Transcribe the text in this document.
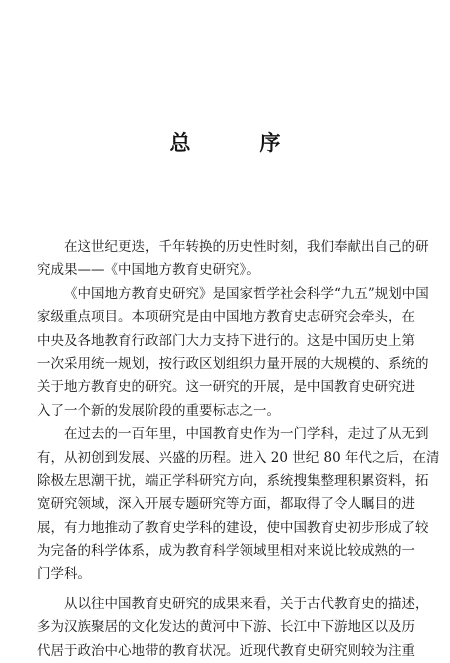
总　序
在这世纪更迭，千年转换的历史性时刻，我们奉献出自己的研
究成果——《中国地方教育史研究》。
《中国地方教育史研究》是国家哲学社会科学“九五”规划中国
家级重点项目。本项研究是由中国地方教育史志研究会牵头，在
中央及各地教育行政部门大力支持下进行的。这是中国历史上第
一次采用统一规划，按行政区划组织力量开展的大规模的、系统的
关于地方教育史的研究。这一研究的开展，是中国教育史研究进
入了一个新的发展阶段的重要标志之一。
在过去的一百年里，中国教育史作为一门学科，走过了从无到
有，从初创到发展、兴盛的历程。进入 20 世纪 80 年代之后，在清
除极左思潮干扰，端正学科研究方向，系统搜集整理积累资料，拓
宽研究领域，深入开展专题研究等方面，都取得了令人瞩目的进
展，有力地推动了教育史学科的建设，使中国教育史初步形成了较
为完备的科学体系，成为教育科学领域里相对来说比较成熟的一
门学科。
从以往中国教育史研究的成果来看，关于古代教育史的描述，
多为汉族聚居的文化发达的黄河中下游、长江中下游地区以及历
代居于政治中心地带的教育状况。近现代教育史研究则较为注重
